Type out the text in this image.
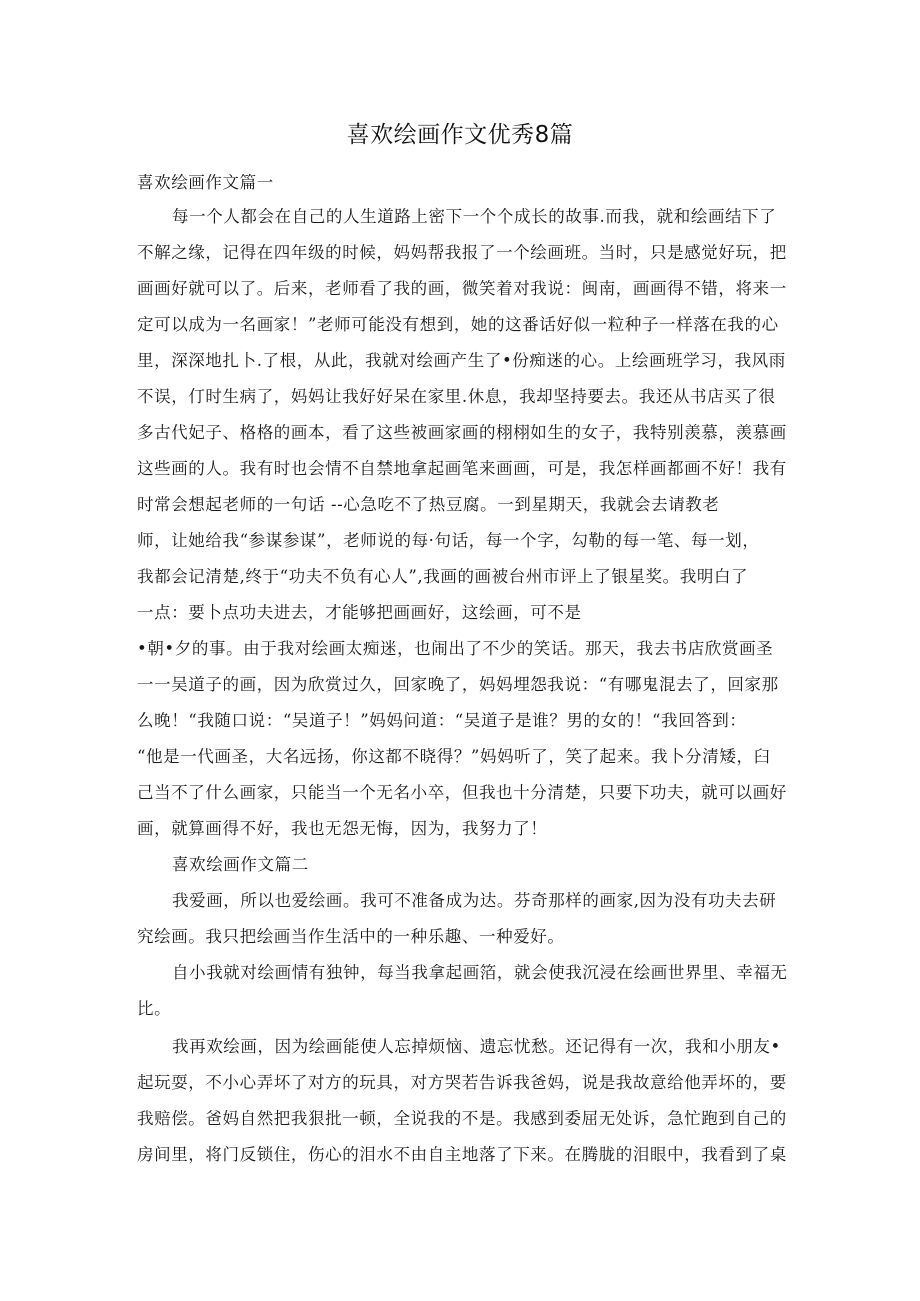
喜欢绘画作文优秀8篇
喜欢绘画作文篇一
每一个人都会在自己的人生道路上密下一个个成长的故事.而我，就和绘画结下了
不解之缘，记得在四年级的时候，妈妈帮我报了一个绘画班。当时，只是感觉好玩，把
画画好就可以了。后来，老师看了我的画，微笑着对我说：闽南，画画得不错，将来一
定可以成为一名画家！”老师可能没有想到，她的这番话好似一粒种子一样落在我的心
里，深深地扎卜.了根，从此，我就对绘画产生了•份痴迷的心。上绘画班学习，我风雨
不误，仃时生病了，妈妈让我好好呆在家里.休息，我却坚持要去。我还从书店买了很
多古代妃子、格格的画本，看了这些被画家画的栩栩如生的女子，我特别羡慕，羡慕画
这些画的人。我有时也会情不自禁地拿起画笔来画画，可是，我怎样画都画不好！我有
时常会想起老师的一句话 --心急吃不了热豆腐。一到星期天，我就会去请教老
师，让她给我“参谋参谋”，老师说的每·句话，每一个字，勾勒的每一笔、每一划，
我都会记清楚,终于“功夫不负有心人”,我画的画被台州市评上了银星奖。我明白了
一点：要卜点功夫进去，才能够把画画好，这绘画，可不是
•朝•夕的事。由于我对绘画太痴迷，也闹出了不少的笑话。那天，我去书店欣赏画圣
一一吴道子的画，因为欣赏过久，回家晚了，妈妈埋怨我说：“有哪鬼混去了，回家那
么晚！“我随口说：“吴道子！”妈妈问道：“吴道子是谁？男的女的！“我回答到：
“他是一代画圣，大名远扬，你这都不晓得？”妈妈听了，笑了起来。我卜分清矮，臼
己当不了什么画家，只能当一个无名小卒，但我也十分清楚，只要下功夫，就可以画好
画，就算画得不好，我也无怨无悔，因为，我努力了！
喜欢绘画作文篇二
我爱画，所以也爱绘画。我可不准备成为达。芬奇那样的画家,因为没有功夫去研
究绘画。我只把绘画当作生活中的一种乐趣、一种爱好。
自小我就对绘画情有独钟，每当我拿起画箔，就会使我沉浸在绘画世界里、幸福无
比。
我再欢绘画，因为绘画能使人忘掉烦恼、遗忘忧愁。还记得有一次，我和小朋友•
起玩耍，不小心弄坏了对方的玩具，对方哭若告诉我爸妈，说是我故意给他弄坏的，要
我赔偿。爸妈自然把我狠批一顿，全说我的不是。我感到委屈无处诉，急忙跑到自己的
房间里，将门反锁住，伤心的泪水不由自主地落了下来。在腾胧的泪眼中，我看到了桌
